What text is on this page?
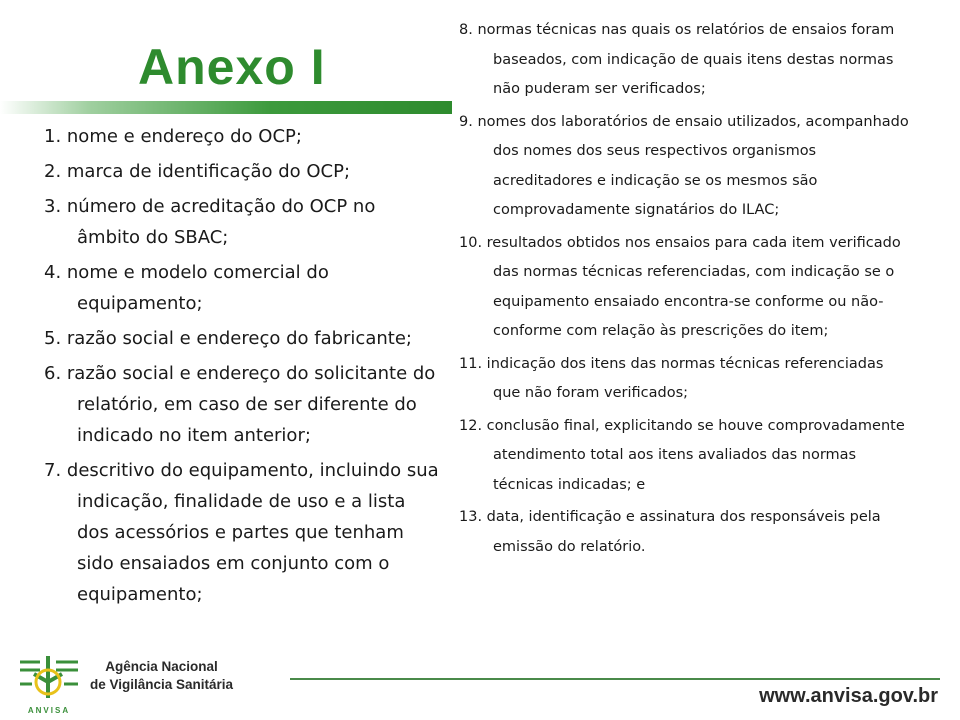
Anexo I
1. nome e endereço do OCP;
2. marca de identificação do OCP;
3. número de acreditação do OCP no âmbito do SBAC;
4. nome e modelo comercial do equipamento;
5. razão social e endereço do fabricante;
6. razão social e endereço do solicitante do relatório, em caso de ser diferente do indicado no item anterior;
7. descritivo do equipamento, incluindo sua indicação, finalidade de uso e a lista dos acessórios e partes que tenham sido ensaiados em conjunto com o equipamento;
8. normas técnicas nas quais os relatórios de ensaios foram baseados, com indicação de quais itens destas normas não puderam ser verificados;
9. nomes dos laboratórios de ensaio utilizados, acompanhado dos nomes dos seus respectivos organismos acreditadores e indicação se os mesmos são comprovadamente signatários do ILAC;
10. resultados obtidos nos ensaios para cada item verificado das normas técnicas referenciadas, com indicação se o equipamento ensaiado encontra-se conforme ou não-conforme com relação às prescrições do item;
11. indicação dos itens das normas técnicas referenciadas que não foram verificados;
12. conclusão final, explicitando se houve comprovadamente atendimento total aos itens avaliados das normas técnicas indicadas; e
13. data, identificação e assinatura dos responsáveis pela emissão do relatório.
ANVISA
Agência Nacional
de Vigilância Sanitária
www.anvisa.gov.br
